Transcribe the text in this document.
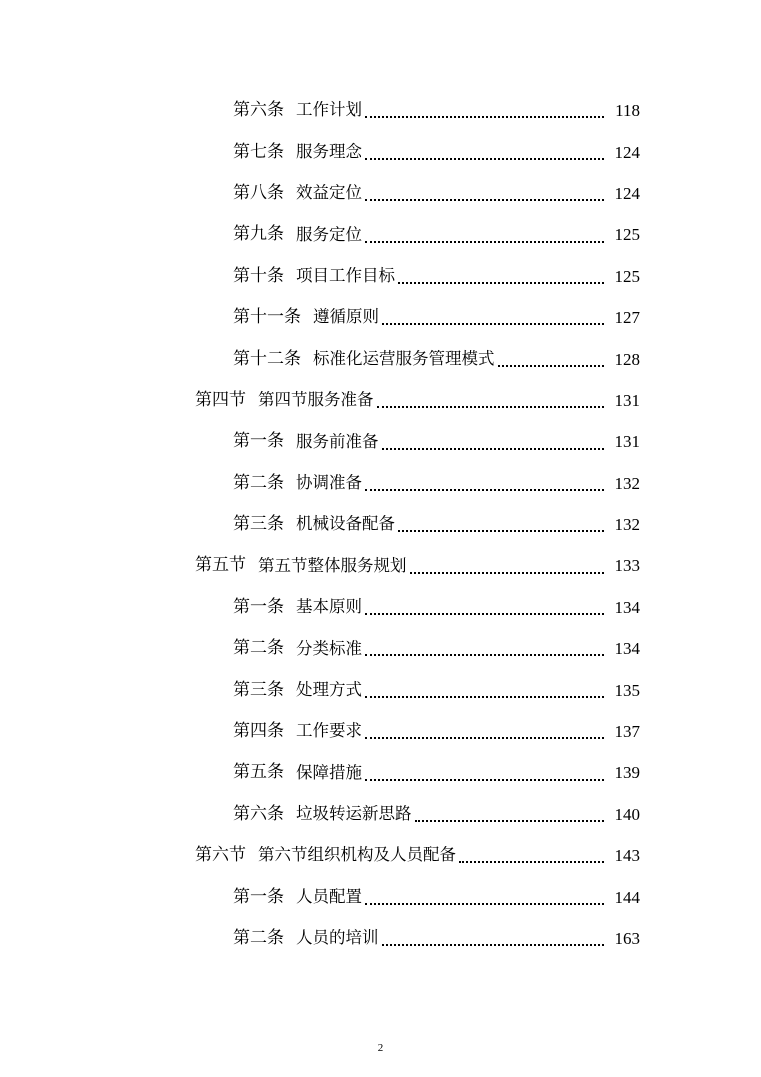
第六条 工作计划	118
第七条 服务理念	124
第八条 效益定位	124
第九条 服务定位	125
第十条 项目工作目标	125
第十一条 遵循原则	127
第十二条 标准化运营服务管理模式	128
第四节 第四节服务准备	131
第一条 服务前准备	131
第二条 协调准备	132
第三条 机械设备配备	132
第五节 第五节整体服务规划	133
第一条 基本原则	134
第二条 分类标准	134
第三条 处理方式	135
第四条 工作要求	137
第五条 保障措施	139
第六条 垃圾转运新思路	140
第六节 第六节组织机构及人员配备	143
第一条 人员配置	144
第二条 人员的培训	163
2
